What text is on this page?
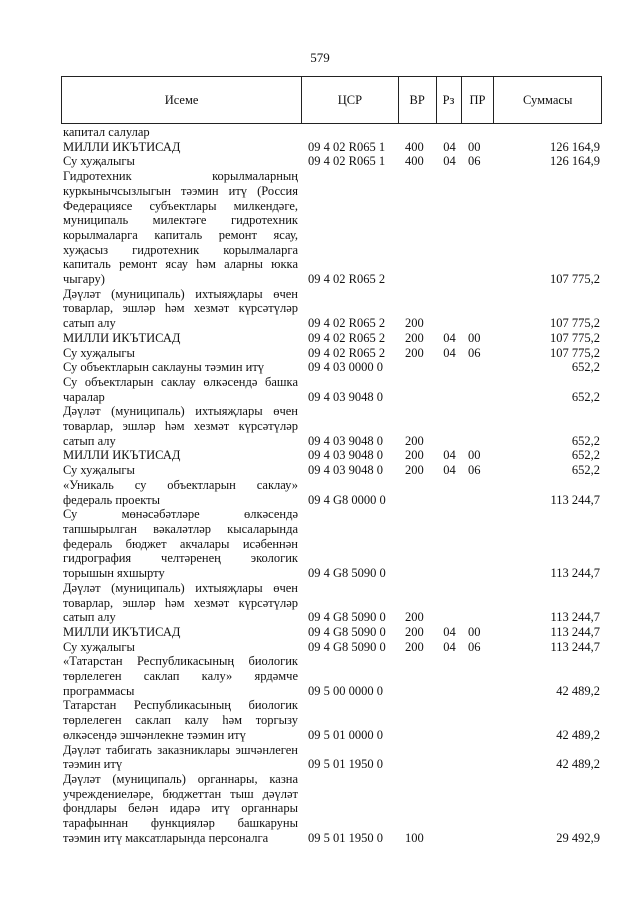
579
Исеме	ЦСР	ВР	Рз	ПР	Суммасы
капитал салулар
МИЛЛИ ИКЪТИСАД	09 4 02 R065 1	400	04 00	126 164,9
Су хуҗалыгы	09 4 02 R065 1	400	04 06	126 164,9
Гидротехник корылмаларның
куркынычсызлыгын тәэмин итү (Россия
Федерациясе субъектлары милкендәге,
муниципаль милектәге гидротехник
корылмаларга капиталь ремонт ясау,
хуҗасыз гидротехник корылмаларга
капиталь ремонт ясау һәм аларны юкка
чыгару)	09 4 02 R065 2	107 775,2
Дәүләт (муниципаль) ихтыяҗлары өчен
товарлар, эшләр һәм хезмәт күрсәтүләр
сатып алу	09 4 02 R065 2	200	107 775,2
МИЛЛИ ИКЪТИСАД	09 4 02 R065 2	200	04 00	107 775,2
Су хуҗалыгы	09 4 02 R065 2	200	04 06	107 775,2
Су объектларын саклауны тәэмин итү	09 4 03 0000 0	652,2
Су объектларын саклау өлкәсендә башка
чаралар	09 4 03 9048 0	652,2
Дәүләт (муниципаль) ихтыяҗлары өчен
товарлар, эшләр һәм хезмәт күрсәтүләр
сатып алу	09 4 03 9048 0	200	652,2
МИЛЛИ ИКЪТИСАД	09 4 03 9048 0	200	04 00	652,2
Су хуҗалыгы	09 4 03 9048 0	200	04 06	652,2
«Уникаль су объектларын саклау»
федераль проекты	09 4 G8 0000 0	113 244,7
Су мөнәсәбәтләре өлкәсендә
тапшырылган вәкаләтләр кысаларында
федераль бюджет акчалары исәбеннән
гидрография челтәренең экологик
торышын яхшырту	09 4 G8 5090 0	113 244,7
Дәүләт (муниципаль) ихтыяҗлары өчен
товарлар, эшләр һәм хезмәт күрсәтүләр
сатып алу	09 4 G8 5090 0	200	113 244,7
МИЛЛИ ИКЪТИСАД	09 4 G8 5090 0	200	04 00	113 244,7
Су хуҗалыгы	09 4 G8 5090 0	200	04 06	113 244,7
«Татарстан Республикасының биологик
төрлелеген саклап калу» ярдәмче
программасы	09 5 00 0000 0	42 489,2
Татарстан Республикасының биологик
төрлелеген саклап калу һәм торгызу
өлкәсендә эшчәнлекне тәэмин итү	09 5 01 0000 0	42 489,2
Дәүләт табигать заказниклары эшчәнлеген
тәэмин итү	09 5 01 1950 0	42 489,2
Дәүләт (муниципаль) органнары, казна
учреждениеләре, бюджеттан тыш дәүләт
фондлары белән идарә итү органнары
тарафыннан функцияләр башкаруны
тәэмин итү максатларында персоналга	09 5 01 1950 0	100	29 492,9
